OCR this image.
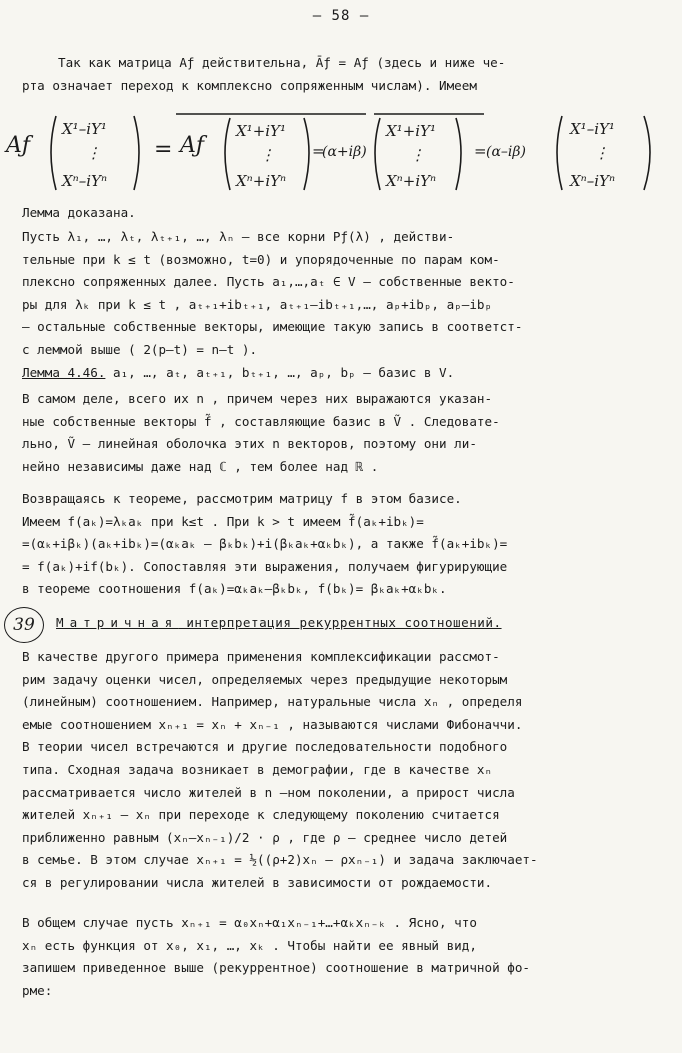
– 58 –
Так как матрица Aƒ действительна, Āƒ = Aƒ (здесь и ниже че-
рта означает переход к комплексно сопряженным числам). Имеем
Aƒ
X¹–iY¹
⋮
Xⁿ–iYⁿ
= Aƒ
X¹+iY¹
⋮
Xⁿ+iYⁿ
=
(α+iβ)
X¹+iY¹
⋮
Xⁿ+iYⁿ
= (α–iβ)
X¹–iY¹
⋮
Xⁿ–iYⁿ
Лемма доказана.
Пусть λ₁, …, λₜ, λₜ₊₁, …, λₙ – все корни Pƒ(λ) , действи-
тельные при k ≤ t (возможно, t=0) и упорядоченные по парам ком-
плексно сопряженных далее. Пусть a₁,…,aₜ ∈ V – собственные векто-
ры для λₖ при k ≤ t , aₜ₊₁+ibₜ₊₁, aₜ₊₁–ibₜ₊₁,…, aₚ+ibₚ, aₚ–ibₚ
– остальные собственные векторы, имеющие такую запись в соответст-
с леммой выше ( 2(p–t) = n–t ).
Лемма 4.46. a₁, …, aₜ, aₜ₊₁, bₜ₊₁, …, aₚ, bₚ – базис в V.
В самом деле, всего их n , причем через них выражаются указан-
ные собственные векторы f̃ , составляющие базис в Ṽ . Следовате-
льно, Ṽ – линейная оболочка этих n векторов, поэтому они ли-
нейно независимы даже над ℂ , тем более над ℝ .
Возвращаясь к теореме, рассмотрим матрицу f в этом базисе.
Имеем f(aₖ)=λₖaₖ при k≤t . При k > t имеем f̃(aₖ+ibₖ)=
=(αₖ+iβₖ)(aₖ+ibₖ)=(αₖaₖ – βₖbₖ)+i(βₖaₖ+αₖbₖ), а также f̃(aₖ+ibₖ)=
= f(aₖ)+if(bₖ). Сопоставляя эти выражения, получаем фигурирующие
в теореме соотношения f(aₖ)=αₖaₖ–βₖbₖ, f(bₖ)= βₖaₖ+αₖbₖ.
39	Матричная интерпретация рекуррентных соотношений.
В качестве другого примера применения комплексификации рассмот-
рим задачу оценки чисел, определяемых через предыдущие некоторым
(линейным) соотношением. Например, натуральные числа xₙ , определя
емые соотношением xₙ₊₁ = xₙ + xₙ₋₁ , называются числами Фибоначчи.
В теории чисел встречаются и другие последовательности подобного
типа. Сходная задача возникает в демографии, где в качестве xₙ
рассматривается число жителей в n –ном поколении, а прирост числа
жителей xₙ₊₁ – xₙ при переходе к следующему поколению считается
приближенно равным (xₙ–xₙ₋₁)/2 · ρ , где ρ – среднее число детей
в семье. В этом случае xₙ₊₁ = ½((ρ+2)xₙ – ρxₙ₋₁) и задача заключает-
ся в регулировании числа жителей в зависимости от рождаемости.
В общем случае пусть xₙ₊₁ = α₀xₙ+α₁xₙ₋₁+…+αₖxₙ₋ₖ . Ясно, что
xₙ есть функция от x₀, x₁, …, xₖ . Чтобы найти ее явный вид,
запишем приведенное выше (рекуррентное) соотношение в матричной фо-
рме:
